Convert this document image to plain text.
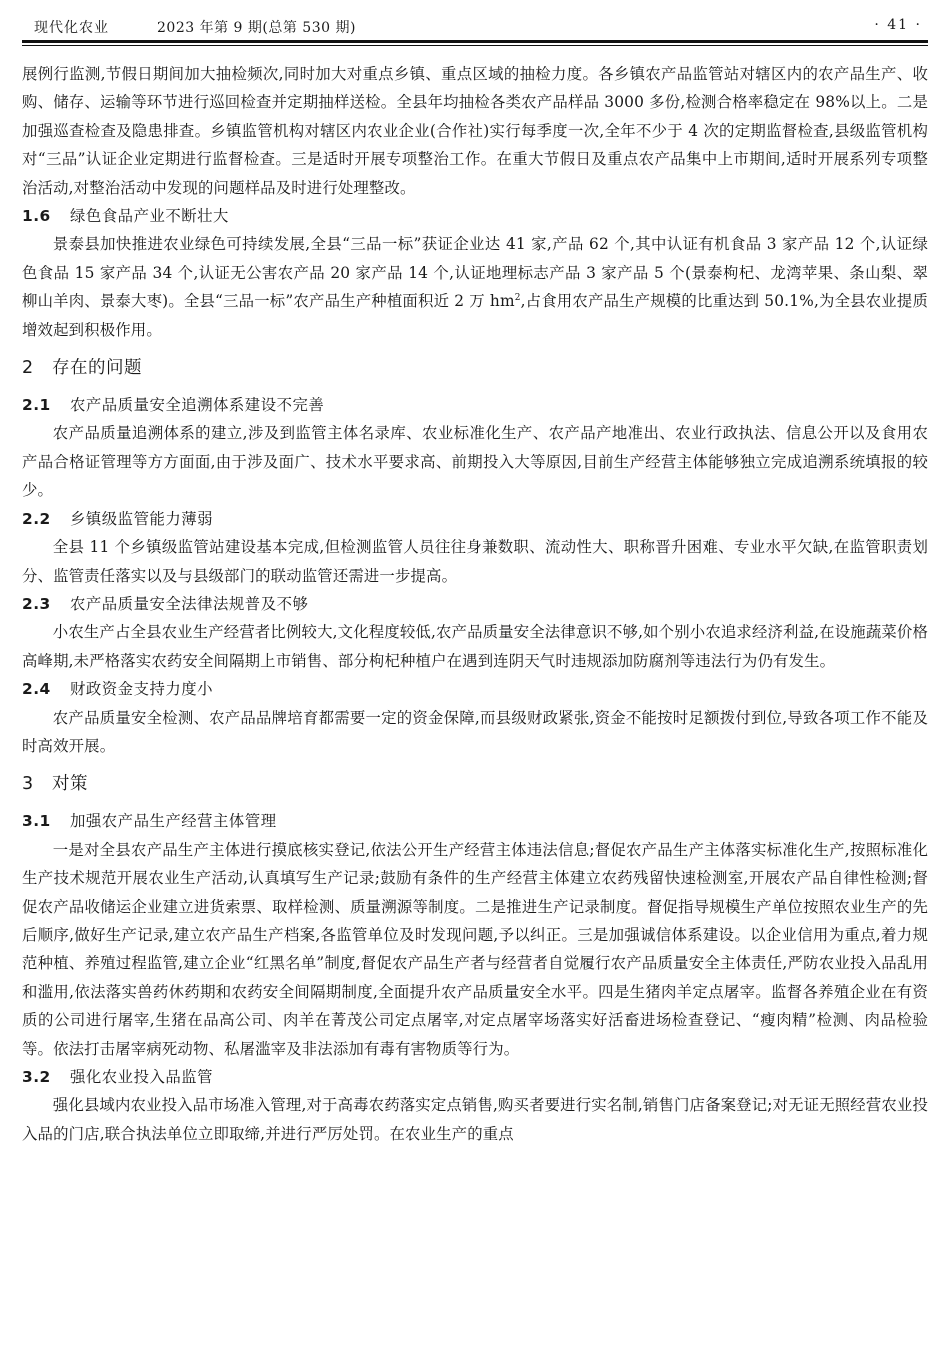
现代化农业	2023 年第 9 期(总第 530 期)	· 41 ·

展例行监测,节假日期间加大抽检频次,同时加大对重点乡镇、重点区域的抽检力度。各乡镇农产品监管站对辖区内的农产品生产、收购、储存、运输等环节进行巡回检查并定期抽样送检。全县年均抽检各类农产品样品 3000 多份,检测合格率稳定在 98%以上。二是加强巡查检查及隐患排查。乡镇监管机构对辖区内农业企业(合作社)实行每季度一次,全年不少于 4 次的定期监督检查,县级监管机构对“三品”认证企业定期进行监督检查。三是适时开展专项整治工作。在重大节假日及重点农产品集中上市期间,适时开展系列专项整治活动,对整治活动中发现的问题样品及时进行处理整改。

1.6 绿色食品产业不断壮大

景泰县加快推进农业绿色可持续发展,全县“三品一标”获证企业达 41 家,产品 62 个,其中认证有机食品 3 家产品 12 个,认证绿色食品 15 家产品 34 个,认证无公害农产品 20 家产品 14 个,认证地理标志产品 3 家产品 5 个(景泰枸杞、龙湾苹果、条山梨、翠柳山羊肉、景泰大枣)。全县“三品一标”农产品生产种植面积近 2 万 $hm^2$,占食用农产品生产规模的比重达到 50.1%,为全县农业提质增效起到积极作用。

2 存在的问题
2.1 农产品质量安全追溯体系建设不完善

农产品质量追溯体系的建立,涉及到监管主体名录库、农业标准化生产、农产品产地准出、农业行政执法、信息公开以及食用农产品合格证管理等方方面面,由于涉及面广、技术水平要求高、前期投入大等原因,目前生产经营主体能够独立完成追溯系统填报的较少。

2.2 乡镇级监管能力薄弱

全县 11 个乡镇级监管站建设基本完成,但检测监管人员往往身兼数职、流动性大、职称晋升困难、专业水平欠缺,在监管职责划分、监管责任落实以及与县级部门的联动监管还需进一步提高。

2.3 农产品质量安全法律法规普及不够

小农生产占全县农业生产经营者比例较大,文化程度较低,农产品质量安全法律意识不够,如个别小农追求经济利益,在设施蔬菜价格高峰期,未严格落实农药安全间隔期上市销售、部分枸杞种植户在遇到连阴天气时违规添加防腐剂等违法行为仍有发生。

2.4 财政资金支持力度小

农产品质量安全检测、农产品品牌培育都需要一定的资金保障,而县级财政紧张,资金不能按时足额拨付到位,导致各项工作不能及时高效开展。

3 对策
3.1 加强农产品生产经营主体管理

一是对全县农产品生产主体进行摸底核实登记,依法公开生产经营主体违法信息;督促农产品生产主体落实标准化生产,按照标准化生产技术规范开展农业生产活动,认真填写生产记录;鼓励有条件的生产经营主体建立农药残留快速检测室,开展农产品自律性检测;督促农产品收储运企业建立进货索票、取样检测、质量溯源等制度。二是推进生产记录制度。督促指导规模生产单位按照农业生产的先后顺序,做好生产记录,建立农产品生产档案,各监管单位及时发现问题,予以纠正。三是加强诚信体系建设。以企业信用为重点,着力规范种植、养殖过程监管,建立企业“红黑名单”制度,督促农产品生产者与经营者自觉履行农产品质量安全主体责任,严防农业投入品乱用和滥用,依法落实兽药休药期和农药安全间隔期制度,全面提升农产品质量安全水平。四是生猪肉羊定点屠宰。监督各养殖企业在有资质的公司进行屠宰,生猪在品高公司、肉羊在菁茂公司定点屠宰,对定点屠宰场落实好活畜进场检查登记、“瘦肉精”检测、肉品检验等。依法打击屠宰病死动物、私屠滥宰及非法添加有毒有害物质等行为。

3.2 强化农业投入品监管

强化县域内农业投入品市场准入管理,对于高毒农药落实定点销售,购买者要进行实名制,销售门店备案登记;对无证无照经营农业投入品的门店,联合执法单位立即取缔,并进行严厉处罚。在农业生产的重点
